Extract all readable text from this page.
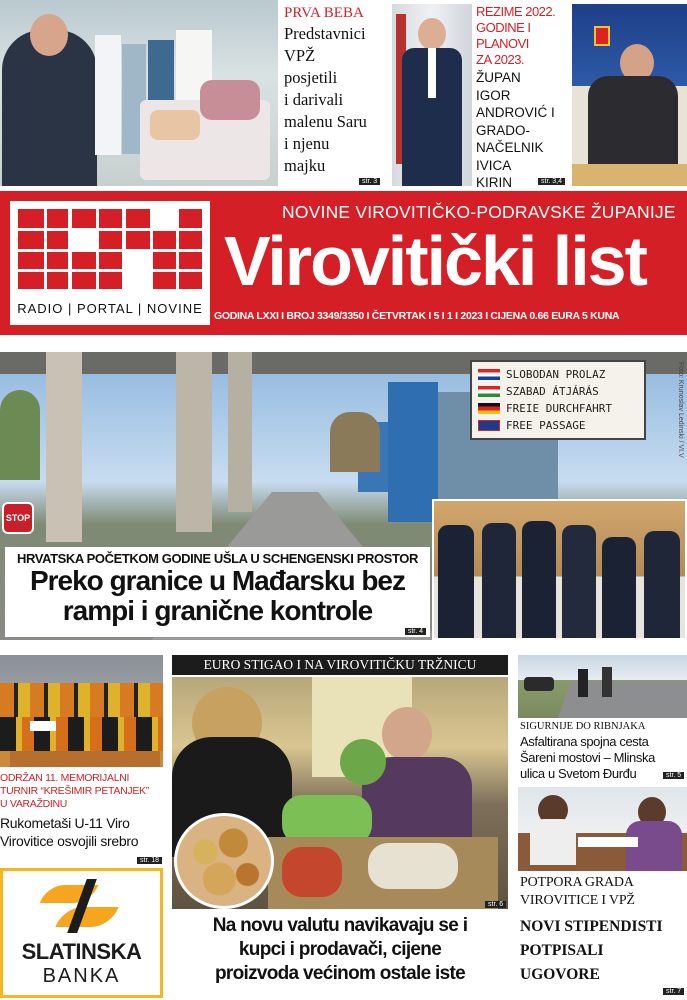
PRVA BEBA
Predstavnici
VPŽ
posjetili
i darivali
malenu Saru
i njenu
majku
str. 3
REZIME 2022.
GODINE I
PLANOVI
ZA 2023.
ŽUPAN
IGOR
ANDROVIĆ I
GRADO-
NAČELNIK
IVICA
KIRIN	str. 3,4
RADIO | PORTAL | NOVINE
NOVINE VIROVITIČKO-PODRAVSKE ŽUPANIJE
Virovitički list
GODINA LXXI I BROJ 3349/3350 I ČETVRTAK I 5 I 1 I 2023 I CIJENA 0.66 EURA 5 KUNA
STOP
SLOBODAN PROLAZ
SZABAD ÁTJÁRÁS
FREIE DURCHFAHRT
FREE PASSAGE	Foto: Krunoslav Ledinski / VI.V
HRVATSKA POČETKOM GODINE UŠLA U SCHENGENSKI PROSTOR
Preko granice u Mađarsku bez
rampi i granične kontrole
str. 4
ODRŽAN 11. MEMORIJALNI
TURNIR “KREŠIMIR PETANJEK”
U VARAŽDINU
Rukometaši U-11 Viro
Virovitice osvojili srebro
str. 18
SLATINSKA
BANKA
EURO STIGAO I NA VIROVITIČKU TRŽNICU
str. 6
Na novu valutu navikavaju se i
kupci i prodavači, cijene
proizvoda većinom ostale iste
SIGURNIJE DO RIBNJAKA
Asfaltirana spojna cesta
Šareni mostovi – Mlinska
ulica u Svetom Đurđu	str. 5
POTPORA GRADA
VIROVITICE I VPŽ
NOVI STIPENDISTI
POTPISALI
UGOVORE
str. 7
